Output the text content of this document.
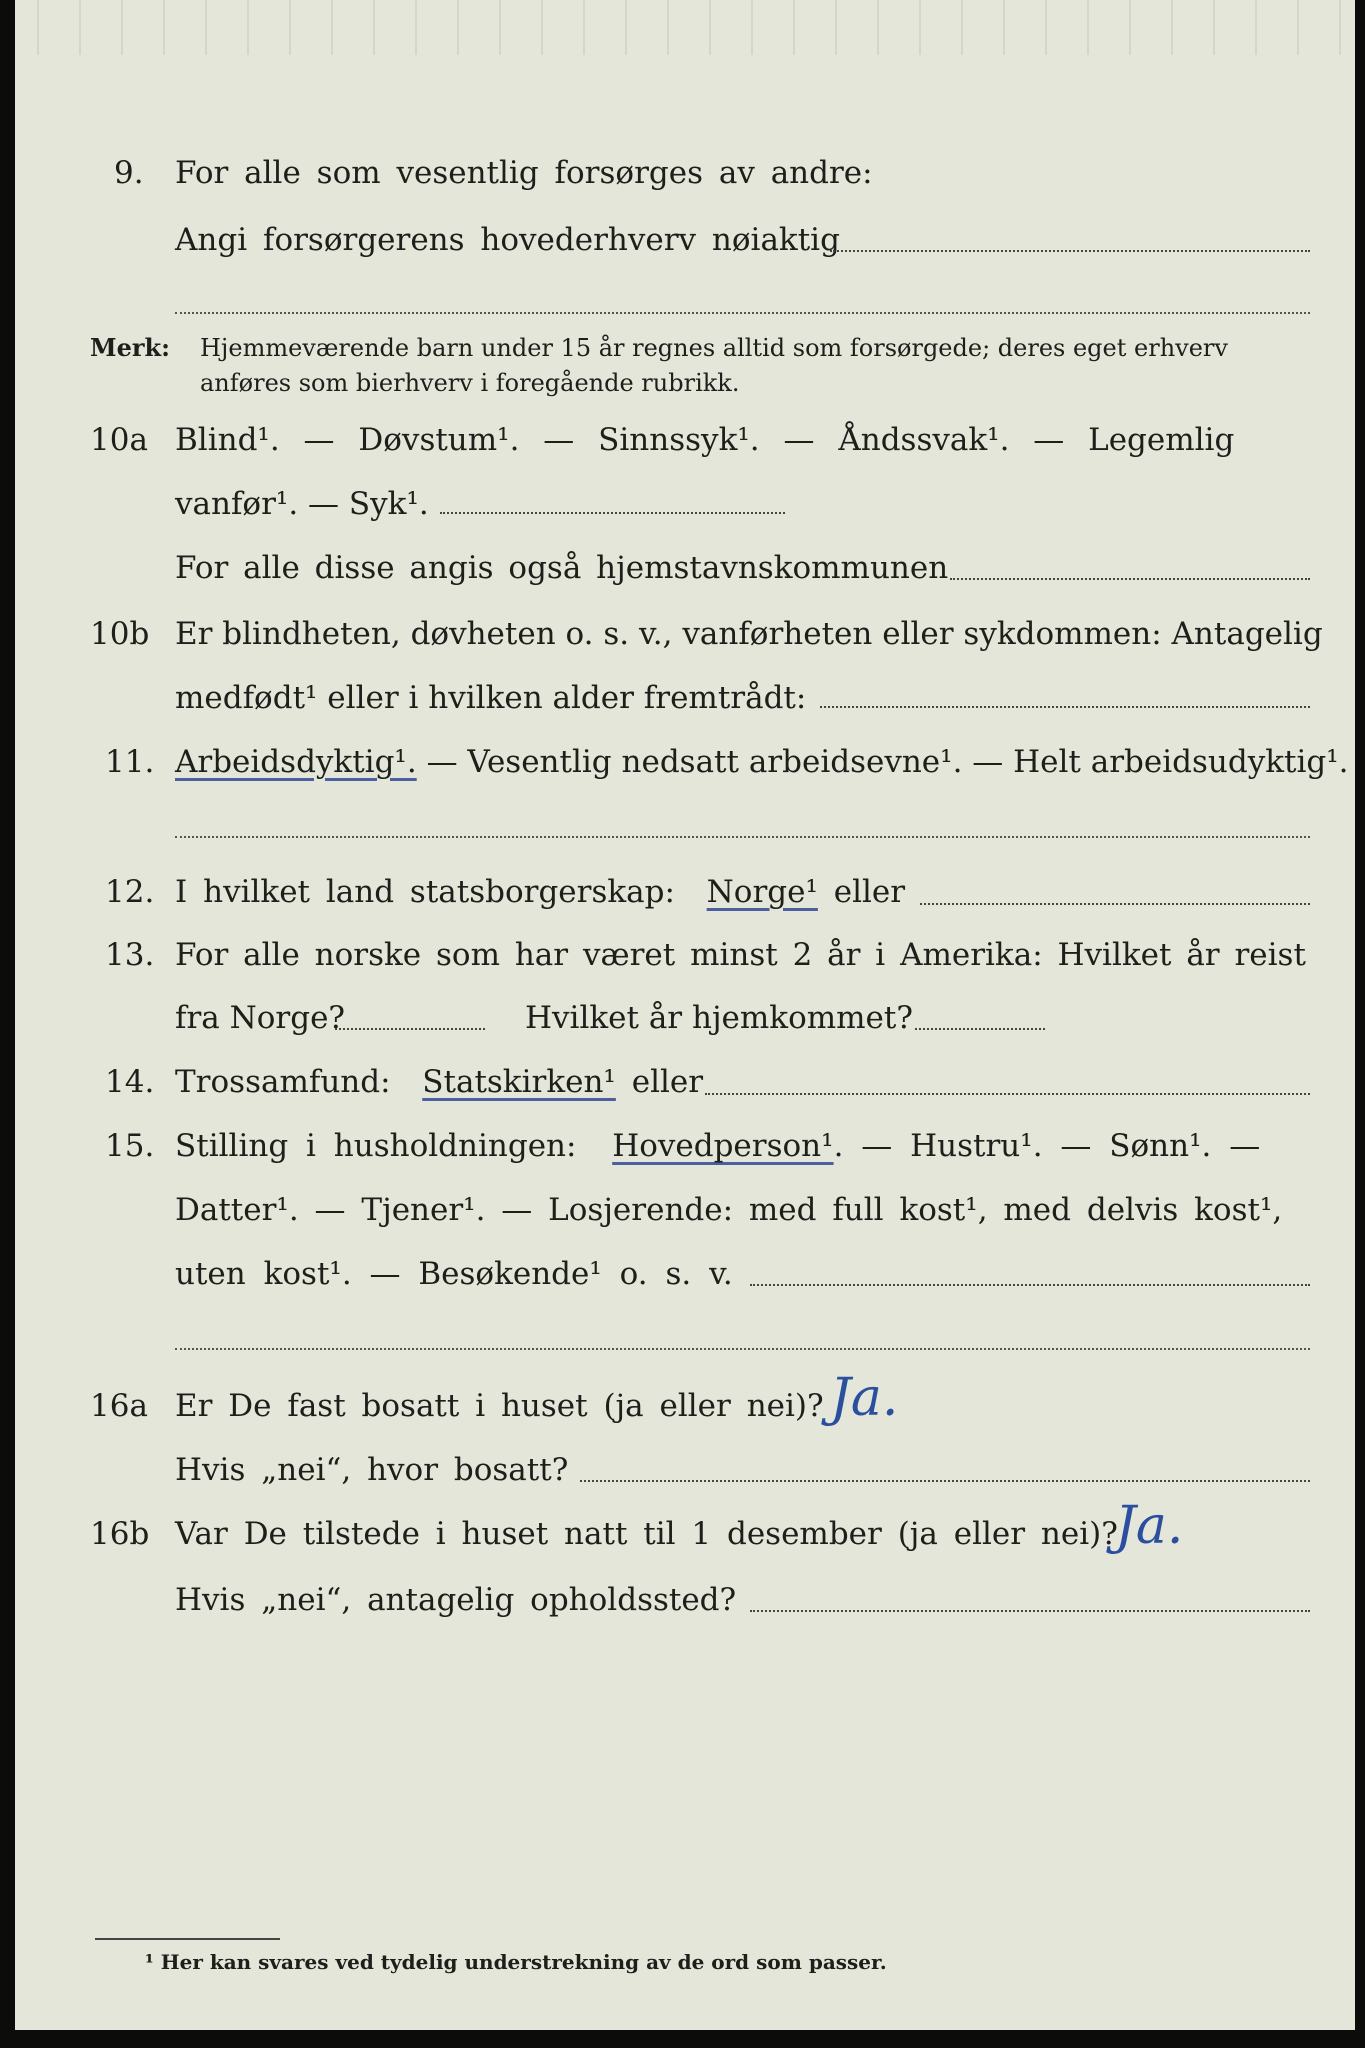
9. For alle som vesentlig forsørges av andre:
Angi forsørgerens hovederhverv nøiaktig
Merk: Hjemmeværende barn under 15 år regnes alltid som forsørgede; deres eget erhverv
anføres som bierhverv i foregående rubrikk.
10a Blind¹. — Døvstum¹. — Sinnssyk¹. — Åndssvak¹. — Legemlig
vanfør¹. — Syk¹.
For alle disse angis også hjemstavnskommunen
10b Er blindheten, døvheten o. s. v., vanførheten eller sykdommen: Antagelig
medfødt¹ eller i hvilken alder fremtrådt:
11. Arbeidsdyktig¹. — Vesentlig nedsatt arbeidsevne¹. — Helt arbeidsudyktig¹.
12. I hvilket land statsborgerskap: Norge¹ eller
13. For alle norske som har været minst 2 år i Amerika: Hvilket år reist
fra Norge?	Hvilket år hjemkommet?
14. Trossamfund: Statskirken¹ eller
15. Stilling i husholdningen: Hovedperson¹. — Hustru¹. — Sønn¹. —
Datter¹. — Tjener¹. — Losjerende: med full kost¹, med delvis kost¹,
uten kost¹. — Besøkende¹ o. s. v.
16a Er De fast bosatt i huset (ja eller nei)? Ja.
Hvis „nei“, hvor bosatt?
16b Var De tilstede i huset natt til 1 desember (ja eller nei)?
Ja.
Hvis „nei“, antagelig opholdssted?
¹ Her kan svares ved tydelig understrekning av de ord som passer.
